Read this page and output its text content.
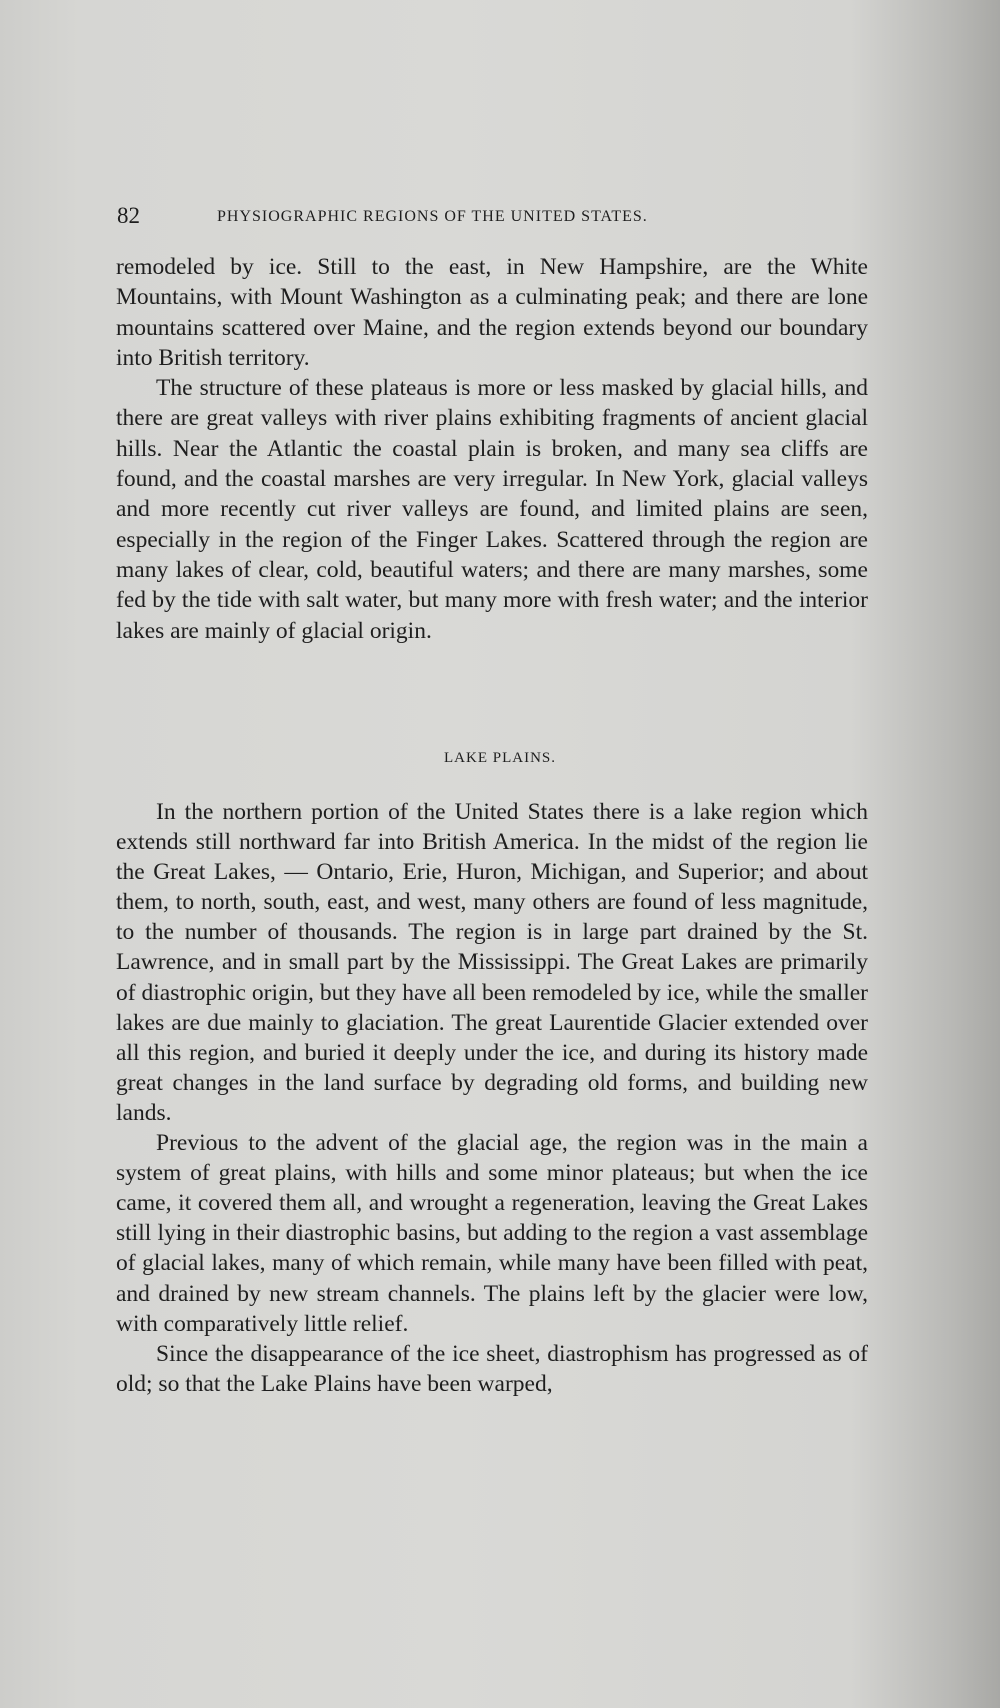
82	PHYSIOGRAPHIC REGIONS OF THE UNITED STATES.

remodeled by ice. Still to the east, in New Hampshire, are the White Mountains, with Mount Washington as a culminating peak; and there are lone mountains scattered over Maine, and the region extends beyond our boundary into British territory.

The structure of these plateaus is more or less masked by glacial hills, and there are great valleys with river plains exhibiting fragments of ancient glacial hills. Near the Atlantic the coastal plain is broken, and many sea cliffs are found, and the coastal marshes are very irregular. In New York, glacial valleys and more recently cut river valleys are found, and limited plains are seen, especially in the region of the Finger Lakes. Scattered through the region are many lakes of clear, cold, beautiful waters; and there are many marshes, some fed by the tide with salt water, but many more with fresh water; and the interior lakes are mainly of glacial origin.

LAKE PLAINS.

In the northern portion of the United States there is a lake region which extends still northward far into British America. In the midst of the region lie the Great Lakes, — Ontario, Erie, Huron, Michigan, and Superior; and about them, to north, south, east, and west, many others are found of less magnitude, to the number of thousands. The region is in large part drained by the St. Lawrence, and in small part by the Mississippi. The Great Lakes are primarily of diastrophic origin, but they have all been remodeled by ice, while the smaller lakes are due mainly to glaciation. The great Laurentide Glacier extended over all this region, and buried it deeply under the ice, and during its history made great changes in the land surface by degrading old forms, and building new lands.

Previous to the advent of the glacial age, the region was in the main a system of great plains, with hills and some minor plateaus; but when the ice came, it covered them all, and wrought a regeneration, leaving the Great Lakes still lying in their diastrophic basins, but adding to the region a vast assemblage of glacial lakes, many of which remain, while many have been filled with peat, and drained by new stream channels. The plains left by the glacier were low, with comparatively little relief.

Since the disappearance of the ice sheet, diastrophism has progressed as of old; so that the Lake Plains have been warped,
